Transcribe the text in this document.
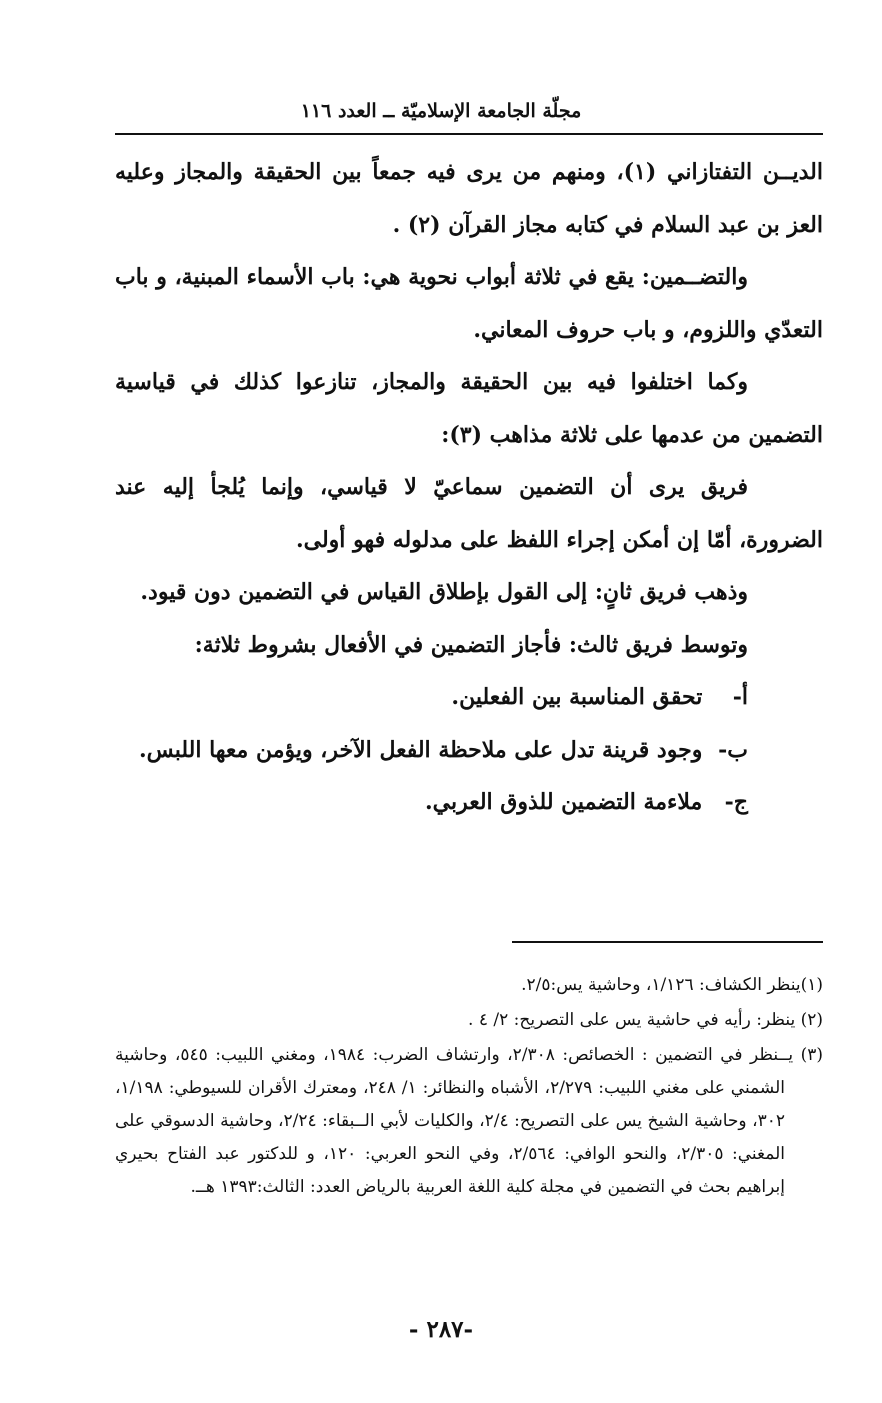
مجلّة الجامعة الإسلاميّة ــ العدد ١١٦

الديــن التفتازاني (١)، ومنهم من يرى فيه جمعاً بين الحقيقة والمجاز وعليه العز بن عبد السلام في كتابه مجاز القرآن (٢) .

والتضــمين: يقع في ثلاثة أبواب نحوية هي: باب الأسماء المبنية، و باب التعدّي واللزوم، و باب حروف المعاني.

وكما اختلفوا فيه بين الحقيقة والمجاز، تنازعوا كذلك في قياسية التضمين من عدمها على ثلاثة مذاهب (٣):

فريق يرى أن التضمين سماعيّ لا قياسي، وإنما يُلجأ إليه عند الضرورة، أمّا إن أمكن إجراء اللفظ على مدلوله فهو أولى.

وذهب فريق ثانٍ: إلى القول بإطلاق القياس في التضمين دون قيود.

وتوسط فريق ثالث: فأجاز التضمين في الأفعال بشروط ثلاثة:

أ- تحقق المناسبة بين الفعلين.

ب- وجود قرينة تدل على ملاحظة الفعل الآخر، ويؤمن معها اللبس.

ج- ملاءمة التضمين للذوق العربي.

(١)ينظر الكشاف: ١/١٢٦، وحاشية يس:٢/٥.

(٢) ينظر: رأيه في حاشية يس على التصريح: ٢/ ٤ .

(٣) يــنظر في التضمين : الخصائص: ٢/٣٠٨، وارتشاف الضرب: ١٩٨٤، ومغني اللبيب: ٥٤٥، وحاشية الشمني على مغني اللبيب: ٢/٢٧٩، الأشباه والنظائر: ١/ ٢٤٨، ومعترك الأقران للسيوطي: ١/١٩٨، ٣٠٢، وحاشية الشيخ يس على التصريح: ٢/٤، والكليات لأبي الــبقاء: ٢/٢٤، وحاشية الدسوقي على المغني: ٢/٣٠٥، والنحو الوافي: ٢/٥٦٤، وفي النحو العربي: ١٢٠، و للدكتور عبد الفتاح بحيري إبراهيم بحث في التضمين في مجلة كلية اللغة العربية بالرياض العدد: الثالث:١٣٩٣ هــ.

-٢٨٧ -
